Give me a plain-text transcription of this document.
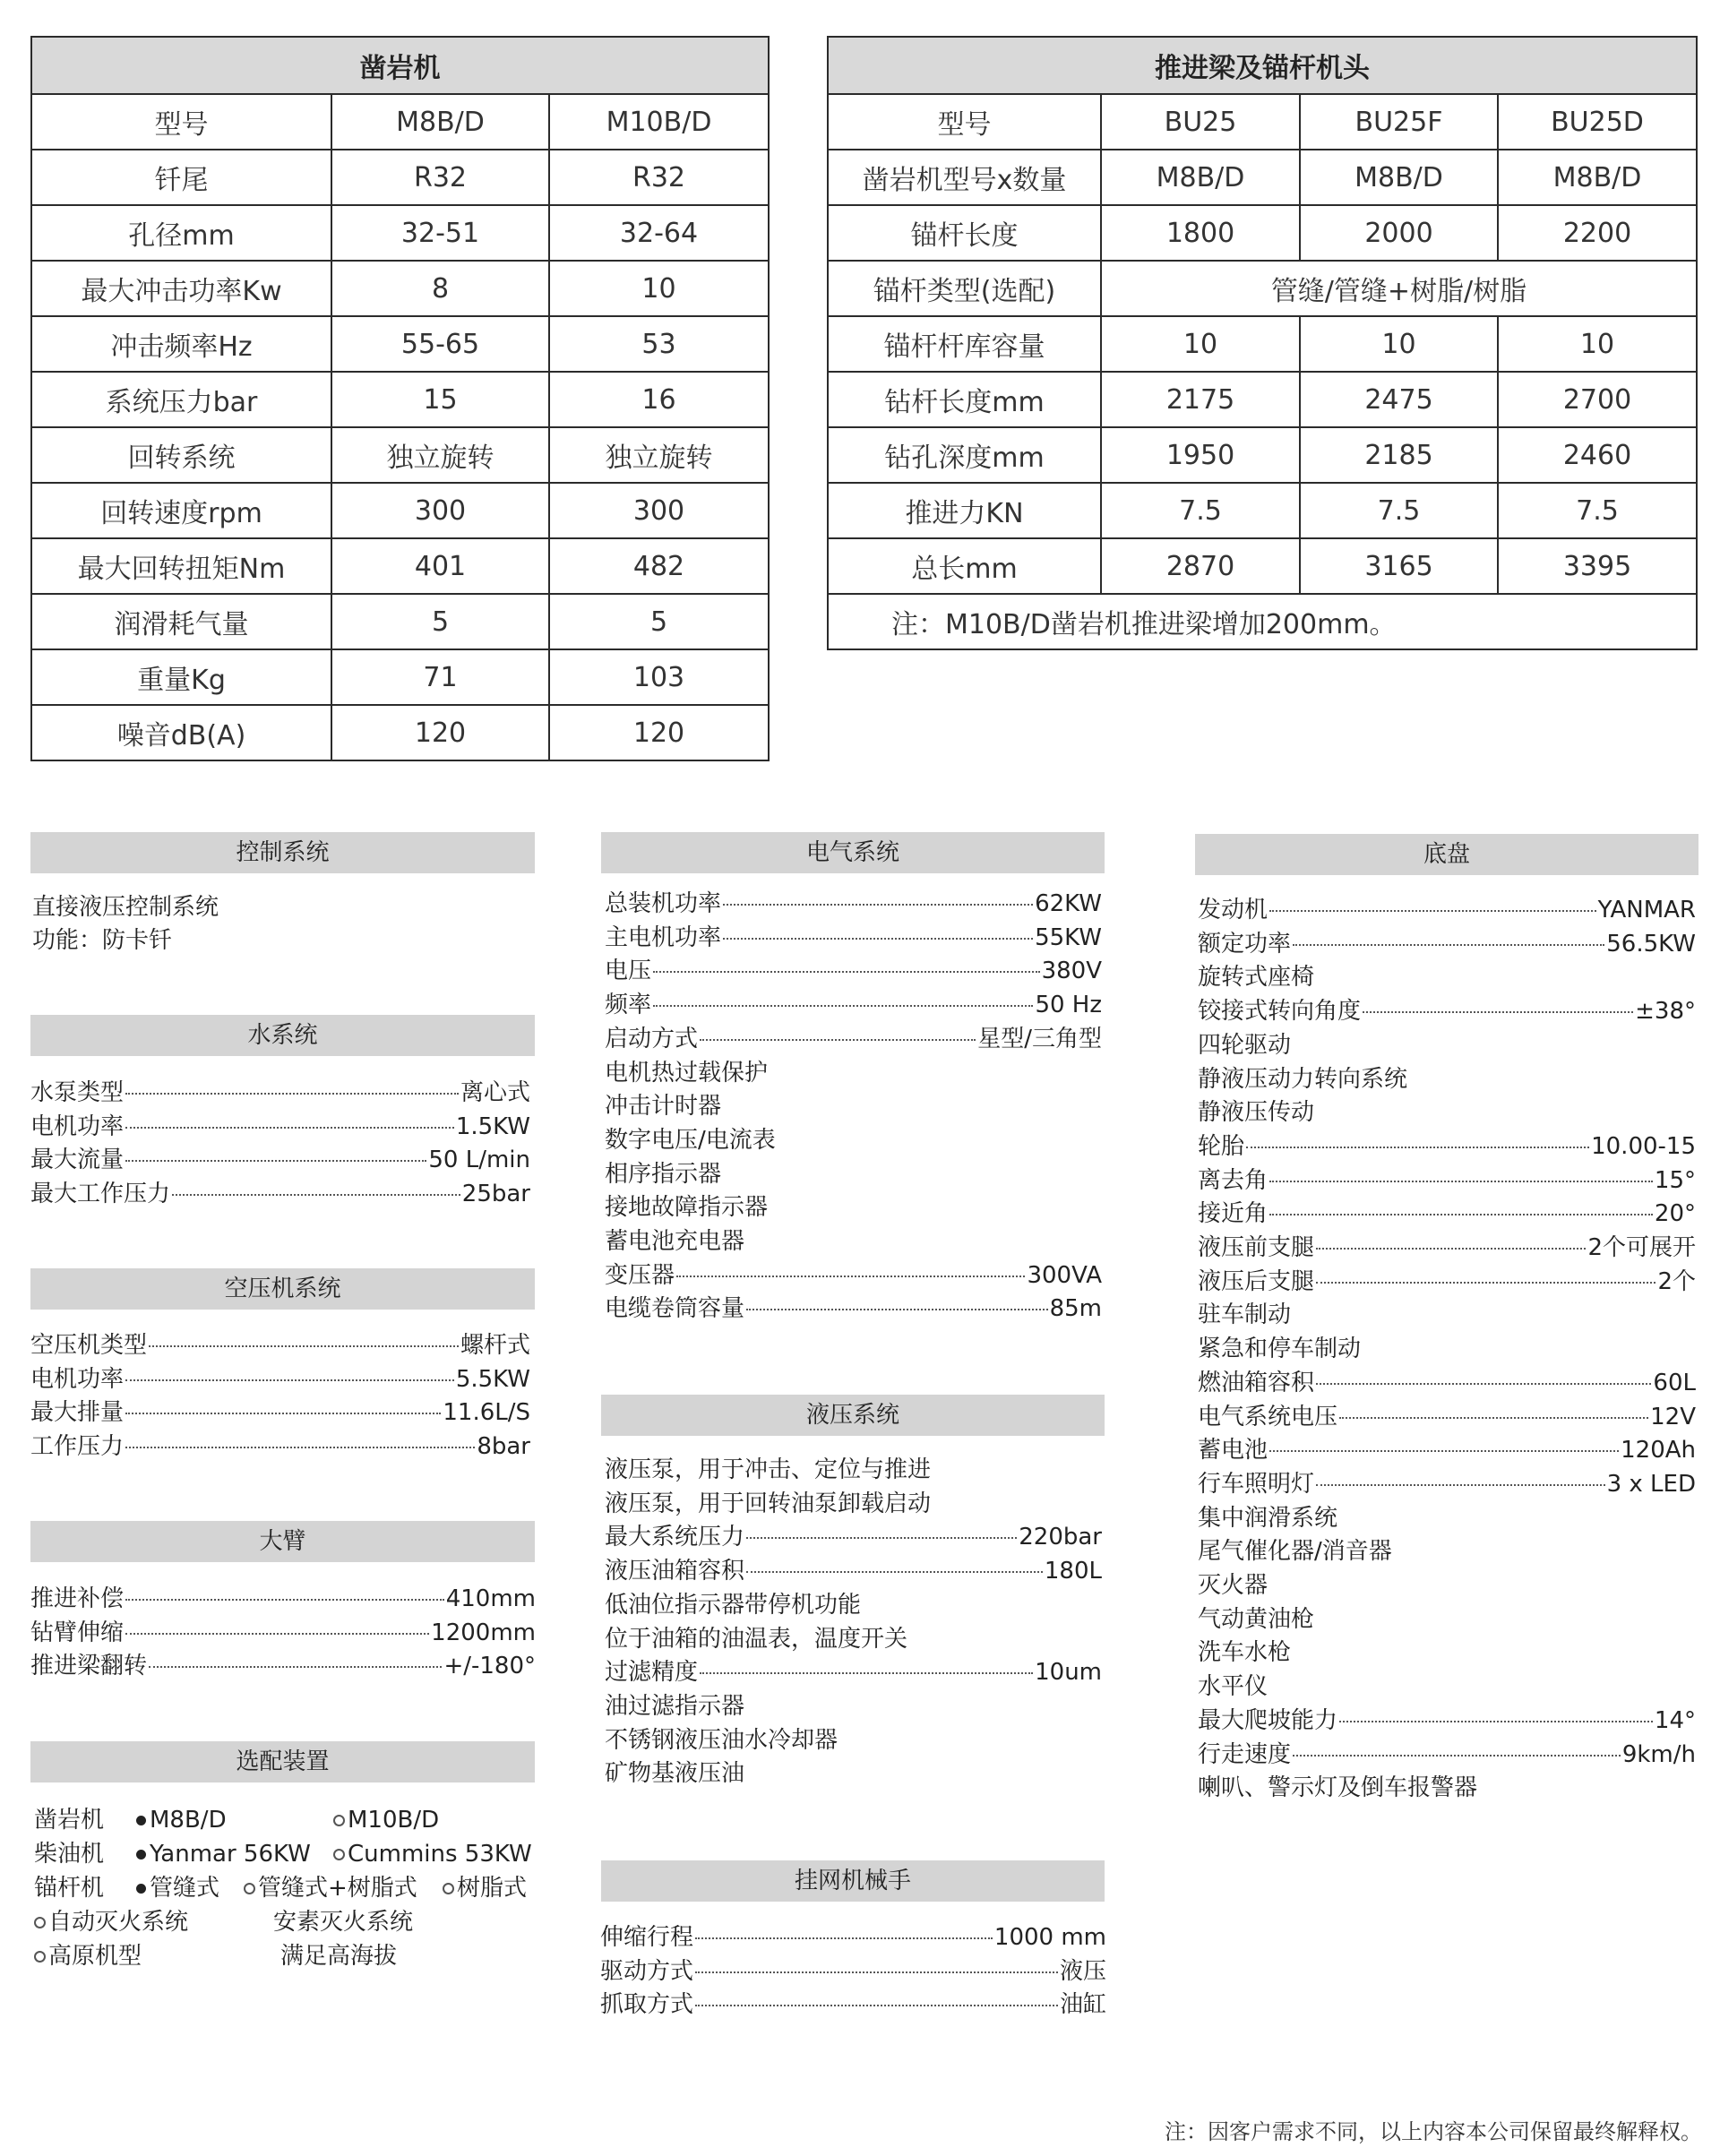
凿岩机		
型号	M8B/D	M10B/D
钎尾	R32	R32
孔径mm	32-51	32-64
最大冲击功率Kw	8	10
冲击频率Hz	55-65	53
系统压力bar	15	16
回转系统	独立旋转	独立旋转
回转速度rpm	300	300
最大回转扭矩Nm	401	482
润滑耗气量	5	5
重量Kg	71	103
噪音dB(A)	120	120
推进梁及锚杆机头			
型号	BU25	BU25F	BU25D
凿岩机型号x数量	M8B/D	M8B/D	M8B/D
锚杆长度	1800	2000	2200
锚杆类型(选配)	管缝/管缝+树脂/树脂		
锚杆杆库容量	10	10	10
钻杆长度mm	2175	2475	2700
钻孔深度mm	1950	2185	2460
推进力KN	7.5	7.5	7.5
总长mm	2870	3165	3395
注：M10B/D凿岩机推进梁增加200mm。			
控制系统
直接液压控制系统
功能：防卡钎
水系统
水泵类型	离心式
电机功率	1.5KW
最大流量	50 L/min
最大工作压力	25bar
空压机系统
空压机类型	螺杆式
电机功率	5.5KW
最大排量	11.6L/S
工作压力	8bar
大臂
推进补偿	410mm
钻臂伸缩	1200mm
推进梁翻转	+/-180°
选配装置
凿岩机	M8B/D	M10B/D
柴油机	Yanmar 56KW	Cummins 53KW
锚杆机	管缝式	管缝式+树脂式	树脂式
自动灭火系统	安素灭火系统
高原机型	满足高海拔
电气系统
总装机功率	62KW
主电机功率	55KW
电压	380V
频率	50 Hz
启动方式	星型/三角型
电机热过载保护
冲击计时器
数字电压/电流表
相序指示器
接地故障指示器
蓄电池充电器
变压器	300VA
电缆卷筒容量	85m
液压系统
液压泵，用于冲击、定位与推进
液压泵，用于回转油泵卸载启动
最大系统压力	220bar
液压油箱容积	180L
低油位指示器带停机功能
位于油箱的油温表，温度开关
过滤精度	10um
油过滤指示器
不锈钢液压油水冷却器
矿物基液压油
挂网机械手
伸缩行程	1000 mm
驱动方式	液压
抓取方式	油缸
底盘
发动机	YANMAR
额定功率	56.5KW
旋转式座椅
铰接式转向角度	±38°
四轮驱动
静液压动力转向系统
静液压传动
轮胎	10.00-15
离去角	15°
接近角	20°
液压前支腿	2个可展开
液压后支腿	2个
驻车制动
紧急和停车制动
燃油箱容积	60L
电气系统电压	12V
蓄电池	120Ah
行车照明灯	3 x LED
集中润滑系统
尾气催化器/消音器
灭火器
气动黄油枪
洗车水枪
水平仪
最大爬坡能力	14°
行走速度	9km/h
喇叭、警示灯及倒车报警器
注：因客户需求不同，以上内容本公司保留最终解释权。
